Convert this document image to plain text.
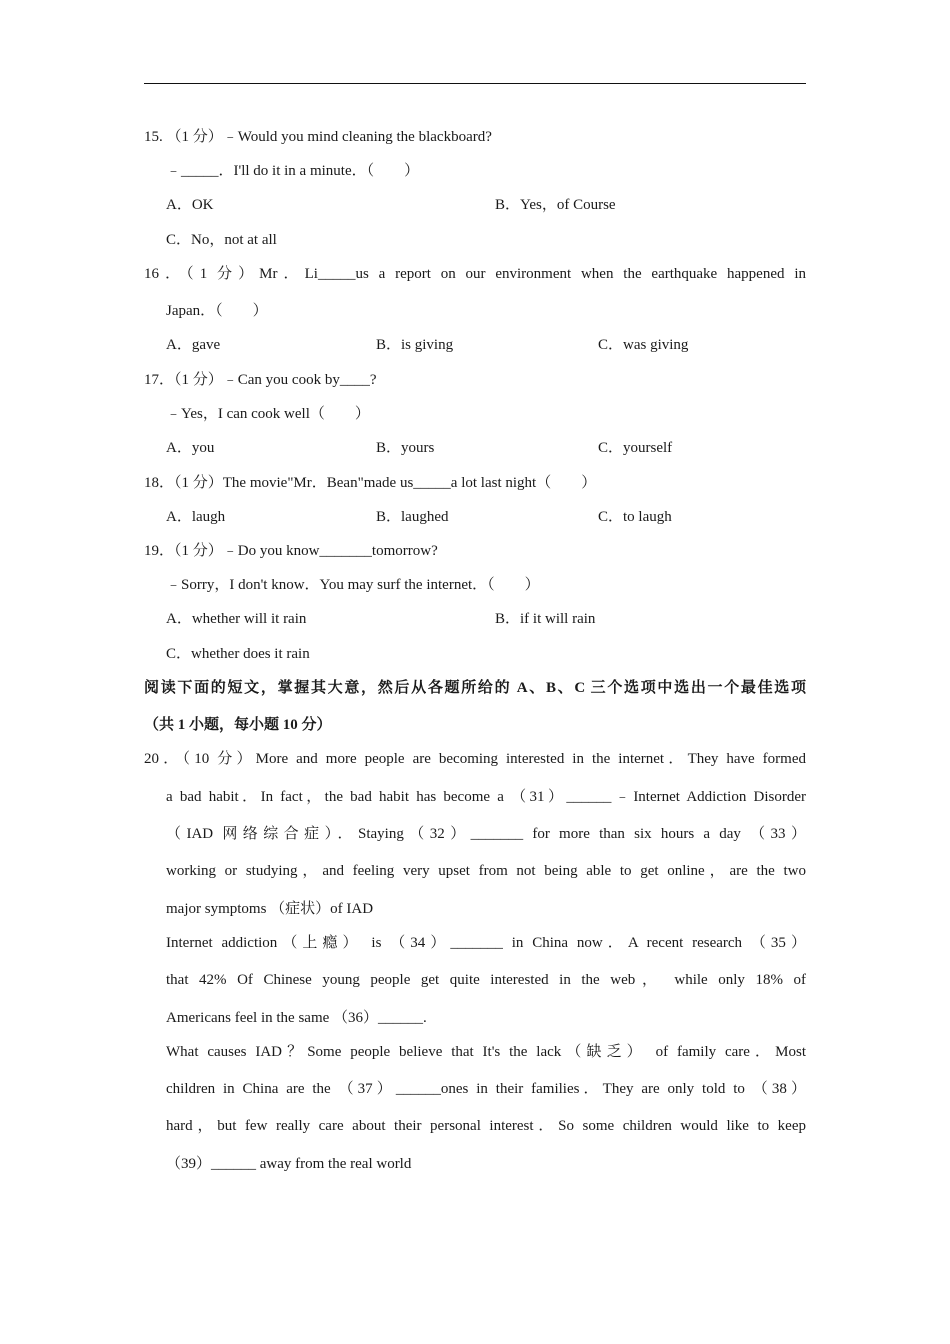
15. （1 分）﹣Would you mind cleaning the blackboard?
﹣_____．I'll do it in a minute．（　　）
A．OK	B．Yes，of Course
C．No，not at all
16．（1 分）Mr．Li_____us a report on our environment when the earthquake happened in
Japan．（　　）
A．gave	B．is giving	C．was giving
17．（1 分）﹣Can you cook by____?
﹣Yes，I can cook well（　　）
A．you	B．yours	C．yourself
18．（1 分）The movie"Mr．Bean"made us_____a lot last night（　　）
A．laugh	B．laughed	C．to laugh
19．（1 分）﹣Do you know_______tomorrow?
﹣Sorry，I don't know．You may surf the internet．（　　）
A．whether will it rain	B．if it will rain
C．whether does it rain
阅读下面的短文，掌握其大意，然后从各题所给的 A、B、C 三个选项中选出一个最佳选项
（共 1 小题，每小题 10 分）
20．（10 分）More and more people are becoming interested in the internet．They have formed
a bad habit．In fact，the bad habit has become a （31）______﹣Internet Addiction Disorder
（IAD 网络综合症）．Staying（32）_______ for more than six hours a day （33）
working or studying，and feeling very upset from not being able to get online，are the two
major symptoms （症状）of IAD
Internet addiction（上瘾） is （34）_______ in China now．A recent research （35）
that 42% Of Chinese young people get quite interested in the web， while only 18% of
Americans feel in the same （36）______.
What causes IAD？Some people believe that It's the lack（缺乏） of family care．Most
children in China are the （37）______ones in their families．They are only told to （38）
hard，but few really care about their personal interest．So some children would like to keep
（39）______ away from the real world
